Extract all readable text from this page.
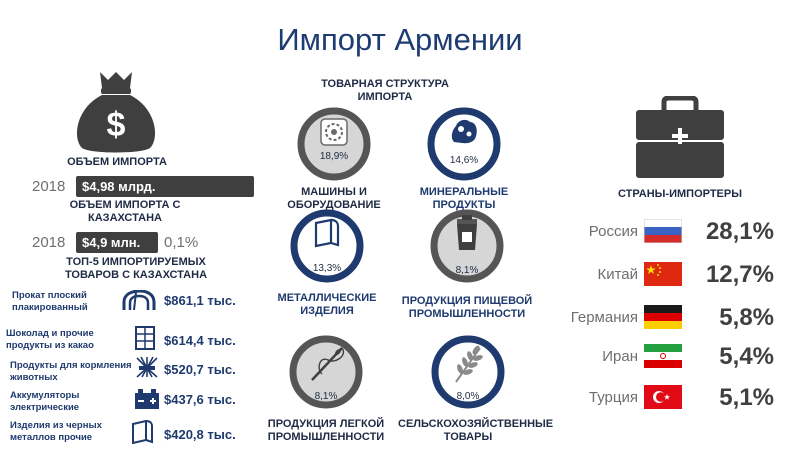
Импорт Армении
$
ОБЪЕМ ИМПОРТА
2018	$4,98 млрд.
ОБЪЕМ ИМПОРТА С
КАЗАХСТАНА
2018	$4,9 млн.	0,1%
ТОП-5 ИМПОРТИРУЕМЫХ
ТОВАРОВ С КАЗАХСТАНА
Прокат плоский
плакированный	$861,1 тыс.
Шоколад и прочие
продукты из какао	$614,4 тыс.
Продукты для кормления
животных
$520,7 тыс.
Аккумуляторы
электрические
$437,6 тыс.
Изделия из черных
металлов прочие	$420,8 тыс.
ТОВАРНАЯ СТРУКТУРА
ИМПОРТА
18,9%
МАШИНЫ И
ОБОРУДОВАНИЕ
14,6%
МИНЕРАЛЬНЫЕ
ПРОДУКТЫ
13,3%
МЕТАЛЛИЧЕСКИЕ
ИЗДЕЛИЯ
8,1%
ПРОДУКЦИЯ ПИЩЕВОЙ
ПРОМЫШЛЕННОСТИ
8,1%
ПРОДУКЦИЯ ЛЕГКОЙ
ПРОМЫШЛЕННОСТИ
8,0%
СЕЛЬСКОХОЗЯЙСТВЕННЫЕ
ТОВАРЫ
СТРАНЫ-ИМПОРТЕРЫ
Россия	28,1%
Китай	12,7%
Германия	5,8%
Иран	5,4%
Турция	5,1%
